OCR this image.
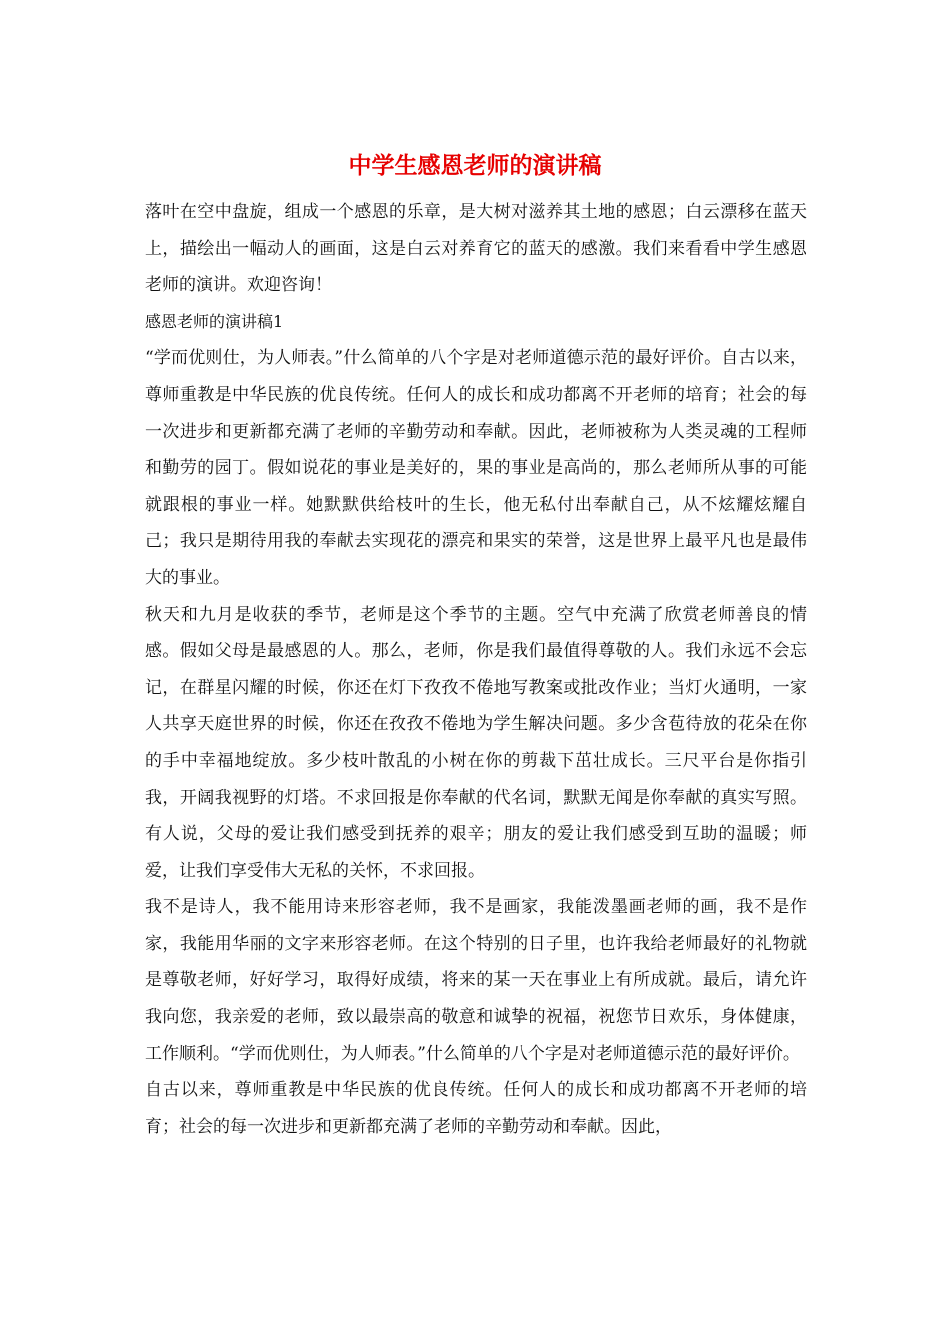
中学生感恩老师的演讲稿

落叶在空中盘旋，组成一个感恩的乐章，是大树对滋养其土地的感恩；白云漂移在蓝天上，描绘出一幅动人的画面，这是白云对养育它的蓝天的感激。我们来看看中学生感恩老师的演讲。欢迎咨询！

感恩老师的演讲稿1

“学而优则仕，为人师表。”什么简单的八个字是对老师道德示范的最好评价。自古以来，尊师重教是中华民族的优良传统。任何人的成长和成功都离不开老师的培育；社会的每一次进步和更新都充满了老师的辛勤劳动和奉献。因此，老师被称为人类灵魂的工程师和勤劳的园丁。假如说花的事业是美好的，果的事业是高尚的，那么老师所从事的可能就跟根的事业一样。她默默供给枝叶的生长，他无私付出奉献自己，从不炫耀炫耀自己；我只是期待用我的奉献去实现花的漂亮和果实的荣誉，这是世界上最平凡也是最伟大的事业。

秋天和九月是收获的季节，老师是这个季节的主题。空气中充满了欣赏老师善良的情感。假如父母是最感恩的人。那么，老师，你是我们最值得尊敬的人。我们永远不会忘记，在群星闪耀的时候，你还在灯下孜孜不倦地写教案或批改作业；当灯火通明，一家人共享天庭世界的时候，你还在孜孜不倦地为学生解决问题。多少含苞待放的花朵在你的手中幸福地绽放。多少枝叶散乱的小树在你的剪裁下茁壮成长。三尺平台是你指引我，开阔我视野的灯塔。不求回报是你奉献的代名词，默默无闻是你奉献的真实写照。有人说，父母的爱让我们感受到抚养的艰辛；朋友的爱让我们感受到互助的温暖；师爱，让我们享受伟大无私的关怀，不求回报。

我不是诗人，我不能用诗来形容老师，我不是画家，我能泼墨画老师的画，我不是作家，我能用华丽的文字来形容老师。在这个特别的日子里，也许我给老师最好的礼物就是尊敬老师，好好学习，取得好成绩，将来的某一天在事业上有所成就。最后，请允许我向您，我亲爱的老师，致以最崇高的敬意和诚挚的祝福，祝您节日欢乐，身体健康，工作顺利。“学而优则仕，为人师表。”什么简单的八个字是对老师道德示范的最好评价。

自古以来，尊师重教是中华民族的优良传统。任何人的成长和成功都离不开老师的培育；社会的每一次进步和更新都充满了老师的辛勤劳动和奉献。因此，
